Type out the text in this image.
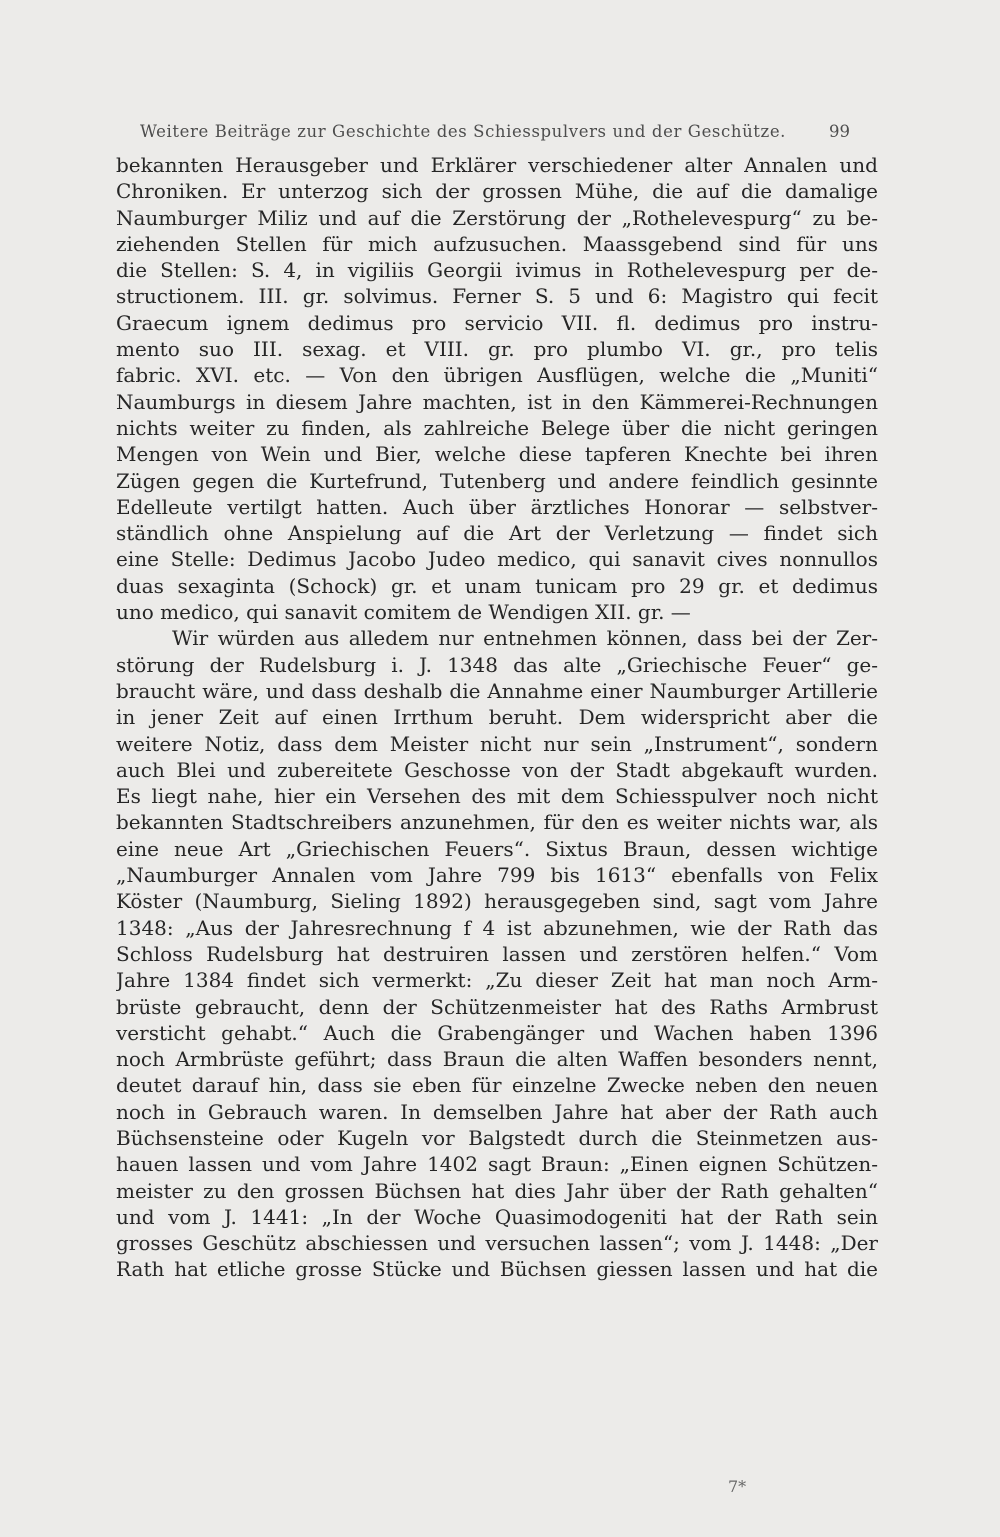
Weitere Beiträge zur Geschichte des Schiesspulvers und der Geschütze.	99
bekannten Herausgeber und Erklärer verschiedener alter Annalen und
Chroniken. Er unterzog sich der grossen Mühe, die auf die damalige
Naumburger Miliz und auf die Zerstörung der „Rothelevespurg“ zu be-
ziehenden Stellen für mich aufzusuchen. Maassgebend sind für uns
die Stellen: S. 4, in vigiliis Georgii ivimus in Rothelevespurg per de-
structionem. III. gr. solvimus. Ferner S. 5 und 6: Magistro qui fecit
Graecum ignem dedimus pro servicio VII. fl. dedimus pro instru-
mento suo III. sexag. et VIII. gr. pro plumbo VI. gr., pro telis
fabric. XVI. etc. — Von den übrigen Ausflügen, welche die „Muniti“
Naumburgs in diesem Jahre machten, ist in den Kämmerei-Rechnungen
nichts weiter zu finden, als zahlreiche Belege über die nicht geringen
Mengen von Wein und Bier, welche diese tapferen Knechte bei ihren
Zügen gegen die Kurtefrund, Tutenberg und andere feindlich gesinnte
Edelleute vertilgt hatten. Auch über ärztliches Honorar — selbstver-
ständlich ohne Anspielung auf die Art der Verletzung — findet sich
eine Stelle: Dedimus Jacobo Judeo medico, qui sanavit cives nonnullos
duas sexaginta (Schock) gr. et unam tunicam pro 29 gr. et dedimus
uno medico, qui sanavit comitem de Wendigen XII. gr. —
Wir würden aus alledem nur entnehmen können, dass bei der Zer-
störung der Rudelsburg i. J. 1348 das alte „Griechische Feuer“ ge-
braucht wäre, und dass deshalb die Annahme einer Naumburger Artillerie
in jener Zeit auf einen Irrthum beruht. Dem widerspricht aber die
weitere Notiz, dass dem Meister nicht nur sein „Instrument“, sondern
auch Blei und zubereitete Geschosse von der Stadt abgekauft wurden.
Es liegt nahe, hier ein Versehen des mit dem Schiesspulver noch nicht
bekannten Stadtschreibers anzunehmen, für den es weiter nichts war, als
eine neue Art „Griechischen Feuers“. Sixtus Braun, dessen wichtige
„Naumburger Annalen vom Jahre 799 bis 1613“ ebenfalls von Felix
Köster (Naumburg, Sieling 1892) herausgegeben sind, sagt vom Jahre
1348: „Aus der Jahresrechnung f 4 ist abzunehmen, wie der Rath das
Schloss Rudelsburg hat destruiren lassen und zerstören helfen.“ Vom
Jahre 1384 findet sich vermerkt: „Zu dieser Zeit hat man noch Arm-
brüste gebraucht, denn der Schützenmeister hat des Raths Armbrust
versticht gehabt.“ Auch die Grabengänger und Wachen haben 1396
noch Armbrüste geführt; dass Braun die alten Waffen besonders nennt,
deutet darauf hin, dass sie eben für einzelne Zwecke neben den neuen
noch in Gebrauch waren. In demselben Jahre hat aber der Rath auch
Büchsensteine oder Kugeln vor Balgstedt durch die Steinmetzen aus-
hauen lassen und vom Jahre 1402 sagt Braun: „Einen eignen Schützen-
meister zu den grossen Büchsen hat dies Jahr über der Rath gehalten“
und vom J. 1441: „In der Woche Quasimodogeniti hat der Rath sein
grosses Geschütz abschiessen und versuchen lassen“; vom J. 1448: „Der
Rath hat etliche grosse Stücke und Büchsen giessen lassen und hat die
7*
